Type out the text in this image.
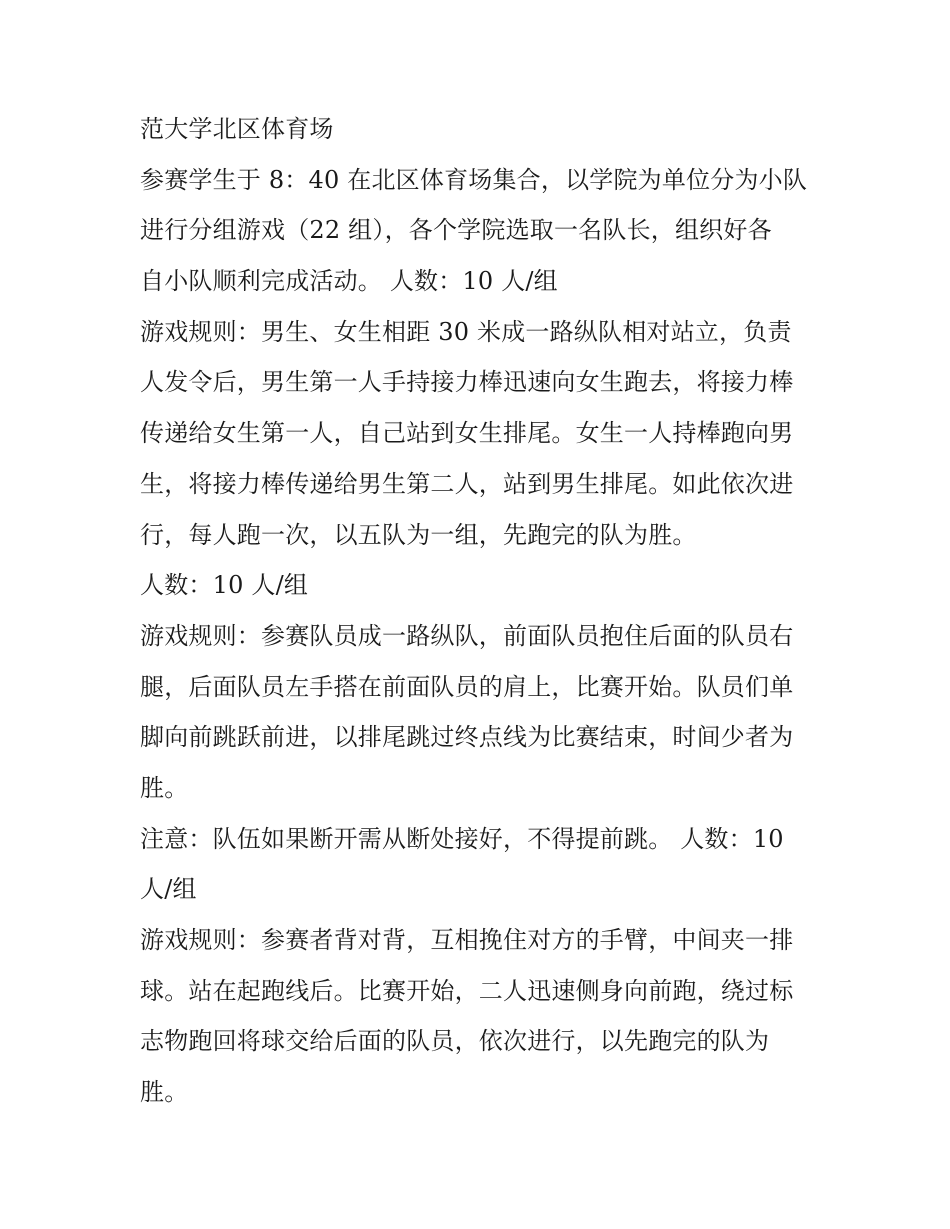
范大学北区体育场

参赛学生于 8：40 在北区体育场集合，以学院为单位分为小队
进行分组游戏（22 组），各个学院选取一名队长，组织好各
自小队顺利完成活动。 人数：10 人/组

游戏规则：男生、女生相距 30 米成一路纵队相对站立，负责
人发令后，男生第一人手持接力棒迅速向女生跑去，将接力棒
传递给女生第一人，自己站到女生排尾。女生一人持棒跑向男
生，将接力棒传递给男生第二人，站到男生排尾。如此依次进
行，每人跑一次，以五队为一组，先跑完的队为胜。

人数：10 人/组

游戏规则：参赛队员成一路纵队，前面队员抱住后面的队员右
腿，后面队员左手搭在前面队员的肩上，比赛开始。队员们单
脚向前跳跃前进，以排尾跳过终点线为比赛结束，时间少者为
胜。

注意：队伍如果断开需从断处接好，不得提前跳。 人数：10
人/组

游戏规则：参赛者背对背，互相挽住对方的手臂，中间夹一排
球。站在起跑线后。比赛开始，二人迅速侧身向前跑，绕过标
志物跑回将球交给后面的队员，依次进行，以先跑完的队为
胜。
